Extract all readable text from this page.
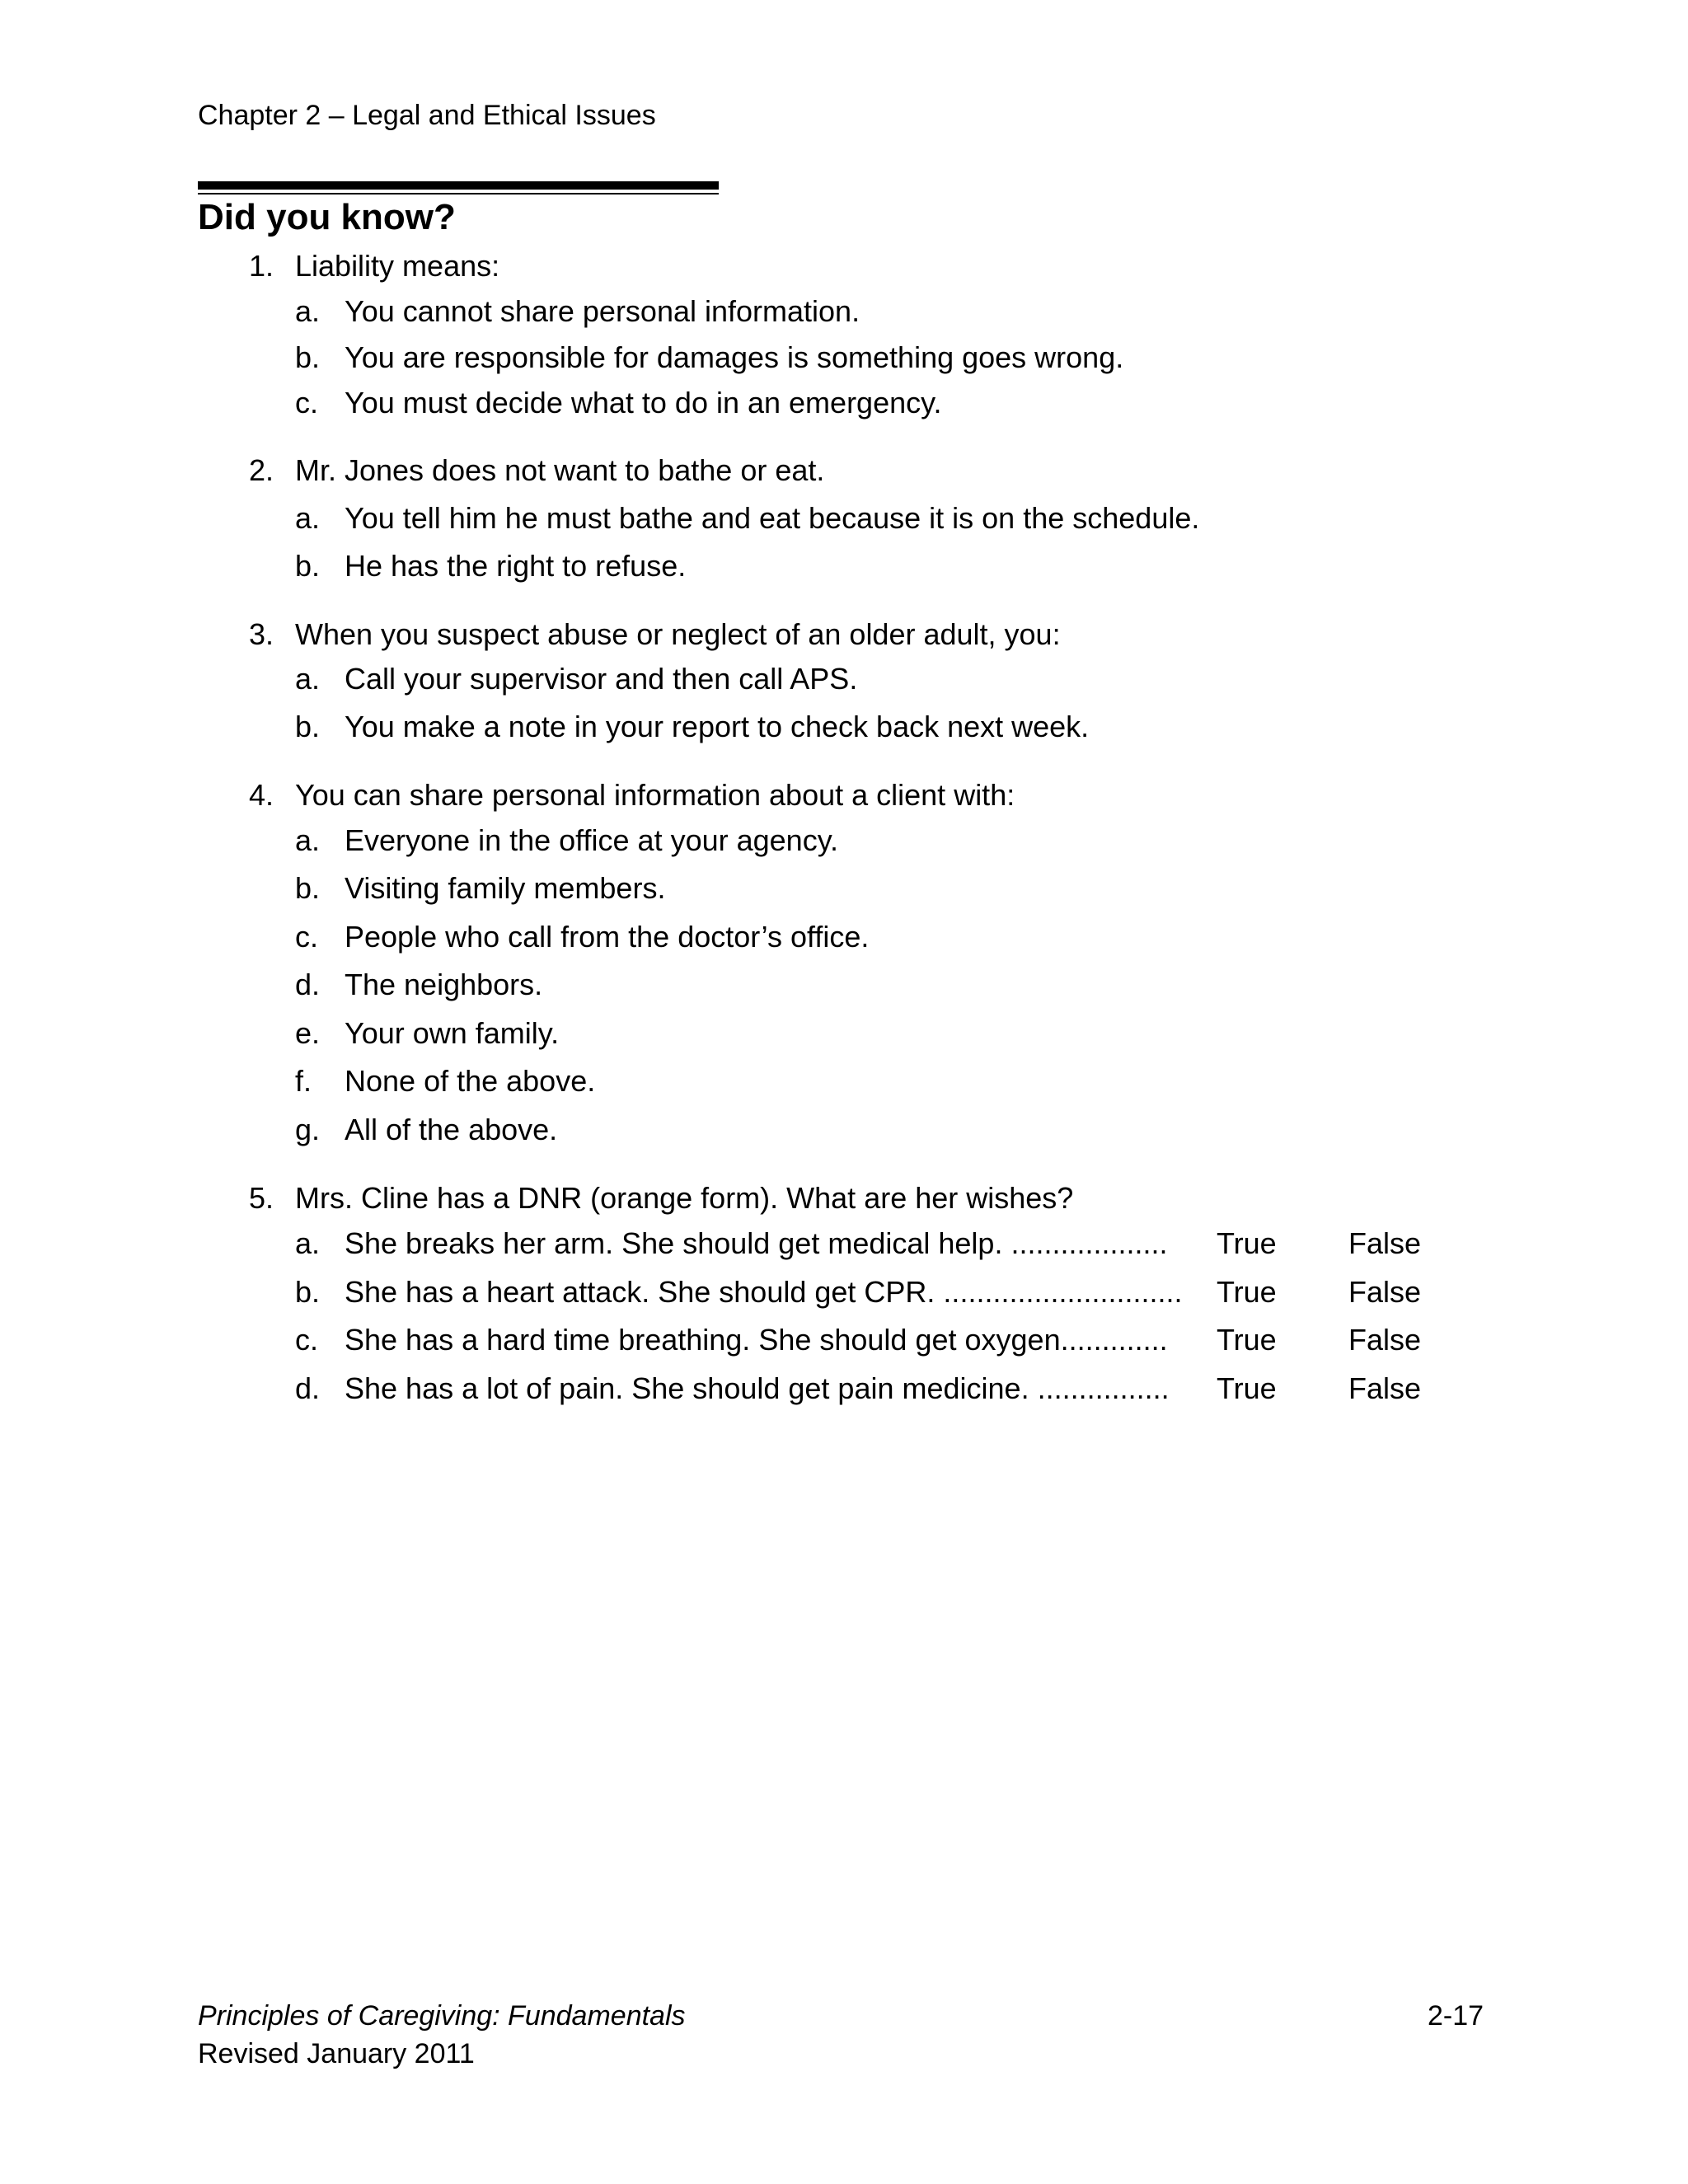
Chapter 2 – Legal and Ethical Issues
Did you know?
1. Liability means:
a. You cannot share personal information.
b. You are responsible for damages is something goes wrong.
c. You must decide what to do in an emergency.
2. Mr. Jones does not want to bathe or eat.
a. You tell him he must bathe and eat because it is on the schedule.
b. He has the right to refuse.
3. When you suspect abuse or neglect of an older adult, you:
a. Call your supervisor and then call APS.
b. You make a note in your report to check back next week.
4. You can share personal information about a client with:
a. Everyone in the office at your agency.
b. Visiting family members.
c. People who call from the doctor’s office.
d. The neighbors.
e. Your own family.
f. None of the above.
g. All of the above.
5. Mrs. Cline has a DNR (orange form). What are her wishes?
a. She breaks her arm. She should get medical help. ................... True False
b. She has a heart attack. She should get CPR. ............................. True False
c. She has a hard time breathing. She should get oxygen............. True False
d. She has a lot of pain. She should get pain medicine. ................ True False
Principles of Caregiving: Fundamentals
Revised January 2011
2-17
